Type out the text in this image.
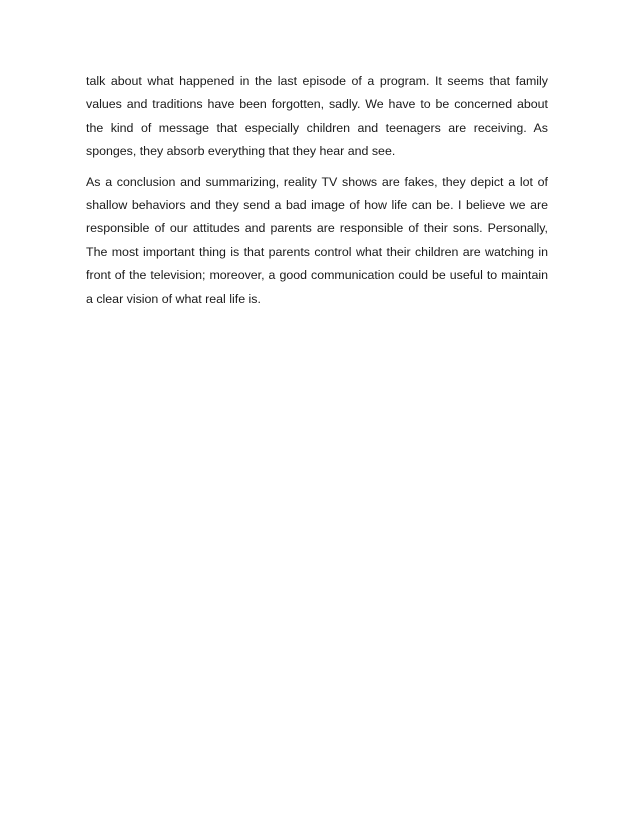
talk about what happened in the last episode of a program. It seems that family
values and traditions have been forgotten, sadly. We have to be concerned about
the kind of message that especially children and teenagers are receiving. As
sponges, they absorb everything that they hear and see.

As a conclusion and summarizing, reality TV shows are fakes, they depict a lot of
shallow behaviors and they send a bad image of how life can be. I believe we are
responsible of our attitudes and parents are responsible of their sons. Personally,
The most important thing is that parents control what their children are watching in
front of the television; moreover, a good communication could be useful to maintain
a clear vision of what real life is.
